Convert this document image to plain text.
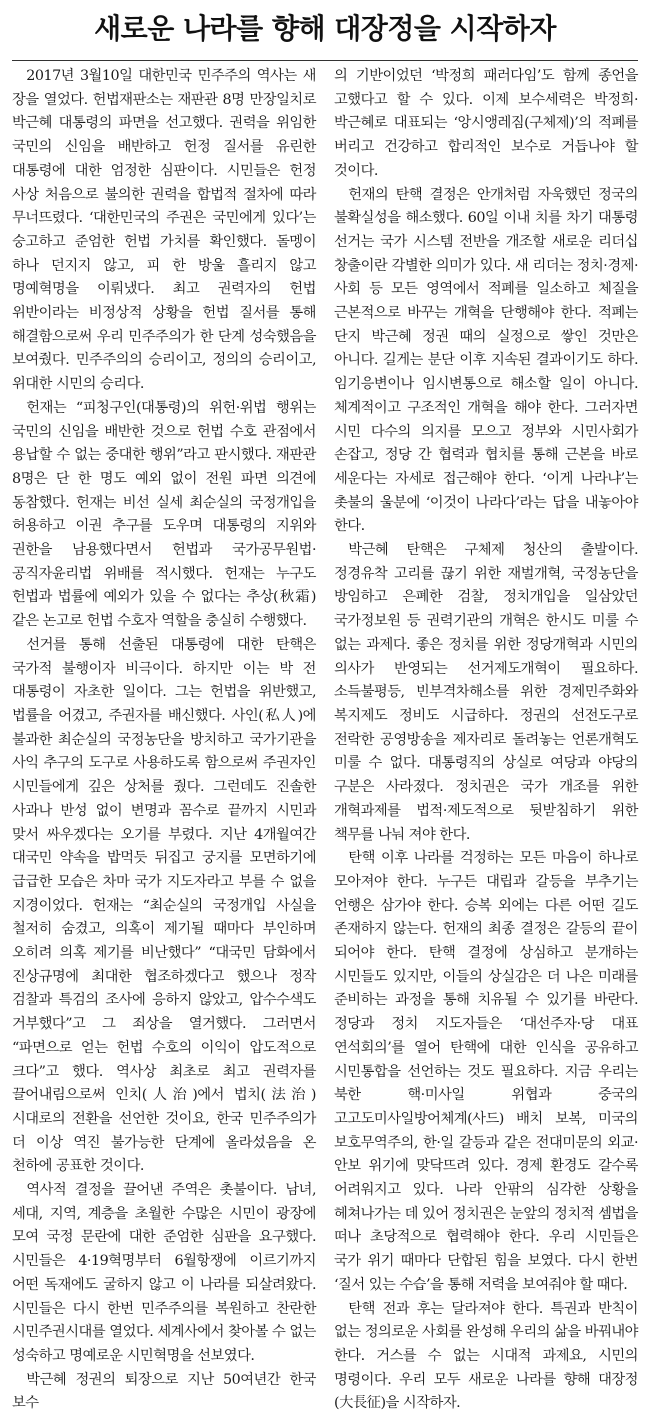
새로운 나라를 향해 대장정을 시작하자

2017년 3월10일 대한민국 민주주의 역사는 새 장을 열었다. 헌법재판소는 재판관 8명 만장일치로 박근혜 대통령의 파면을 선고했다. 권력을 위임한 국민의 신임을 배반하고 헌정 질서를 유린한 대통령에 대한 엄정한 심판이다. 시민들은 헌정 사상 처음으로 불의한 권력을 합법적 절차에 따라 무너뜨렸다. ‘대한민국의 주권은 국민에게 있다’는 숭고하고 준엄한 헌법 가치를 확인했다. 돌멩이 하나 던지지 않고, 피 한 방울 흘리지 않고 명예혁명을 이뤄냈다. 최고 권력자의 헌법 위반이라는 비정상적 상황을 헌법 질서를 통해 해결함으로써 우리 민주주의가 한 단계 성숙했음을 보여줬다. 민주주의의 승리이고, 정의의 승리이고, 위대한 시민의 승리다.

헌재는 “피청구인(대통령)의 위헌·위법 행위는 국민의 신임을 배반한 것으로 헌법 수호 관점에서 용납할 수 없는 중대한 행위”라고 판시했다. 재판관 8명은 단 한 명도 예외 없이 전원 파면 의견에 동참했다. 헌재는 비선 실세 최순실의 국정개입을 허용하고 이권 추구를 도우며 대통령의 지위와 권한을 남용했다면서 헌법과 국가공무원법·공직자윤리법 위배를 적시했다. 헌재는 누구도 헌법과 법률에 예외가 있을 수 없다는 추상(秋霜)같은 논고로 헌법 수호자 역할을 충실히 수행했다.

선거를 통해 선출된 대통령에 대한 탄핵은 국가적 불행이자 비극이다. 하지만 이는 박 전 대통령이 자초한 일이다. 그는 헌법을 위반했고, 법률을 어겼고, 주권자를 배신했다. 사인(私人)에 불과한 최순실의 국정농단을 방치하고 국가기관을 사익 추구의 도구로 사용하도록 함으로써 주권자인 시민들에게 깊은 상처를 줬다. 그런데도 진솔한 사과나 반성 없이 변명과 꼼수로 끝까지 시민과 맞서 싸우겠다는 오기를 부렸다. 지난 4개월여간 대국민 약속을 밥먹듯 뒤집고 궁지를 모면하기에 급급한 모습은 차마 국가 지도자라고 부를 수 없을 지경이었다. 헌재는 “최순실의 국정개입 사실을 철저히 숨겼고, 의혹이 제기될 때마다 부인하며 오히려 의혹 제기를 비난했다” “대국민 담화에서 진상규명에 최대한 협조하겠다고 했으나 정작 검찰과 특검의 조사에 응하지 않았고, 압수수색도 거부했다”고 그 죄상을 열거했다. 그러면서 “파면으로 얻는 헌법 수호의 이익이 압도적으로 크다”고 했다. 역사상 최초로 최고 권력자를 끌어내림으로써 인치(人治)에서 법치(法治)시대로의 전환을 선언한 것이요, 한국 민주주의가 더 이상 역진 불가능한 단계에 올라섰음을 온 천하에 공표한 것이다.

역사적 결정을 끌어낸 주역은 촛불이다. 남녀, 세대, 지역, 계층을 초월한 수많은 시민이 광장에 모여 국정 문란에 대한 준엄한 심판을 요구했다. 시민들은 4·19혁명부터 6월항쟁에 이르기까지 어떤 독재에도 굴하지 않고 이 나라를 되살려왔다. 시민들은 다시 한번 민주주의를 복원하고 찬란한 시민주권시대를 열었다. 세계사에서 찾아볼 수 없는 성숙하고 명예로운 시민혁명을 선보였다.

박근혜 정권의 퇴장으로 지난 50여년간 한국 보수

의 기반이었던 ‘박정희 패러다임’도 함께 종언을 고했다고 할 수 있다. 이제 보수세력은 박정희·박근혜로 대표되는 ‘앙시앵레짐(구체제)’의 적폐를 버리고 건강하고 합리적인 보수로 거듭나야 할 것이다.

헌재의 탄핵 결정은 안개처럼 자욱했던 정국의 불확실성을 해소했다. 60일 이내 치를 차기 대통령 선거는 국가 시스템 전반을 개조할 새로운 리더십 창출이란 각별한 의미가 있다. 새 리더는 정치·경제·사회 등 모든 영역에서 적폐를 일소하고 체질을 근본적으로 바꾸는 개혁을 단행해야 한다. 적폐는 단지 박근혜 정권 때의 실정으로 쌓인 것만은 아니다. 길게는 분단 이후 지속된 결과이기도 하다. 임기응변이나 임시변통으로 해소할 일이 아니다. 체계적이고 구조적인 개혁을 해야 한다. 그러자면 시민 다수의 의지를 모으고 정부와 시민사회가 손잡고, 정당 간 협력과 협치를 통해 근본을 바로 세운다는 자세로 접근해야 한다. ‘이게 나라냐’는 촛불의 울분에 ‘이것이 나라다’라는 답을 내놓아야 한다.

박근혜 탄핵은 구체제 청산의 출발이다. 정경유착 고리를 끊기 위한 재벌개혁, 국정농단을 방임하고 은폐한 검찰, 정치개입을 일삼았던 국가정보원 등 권력기관의 개혁은 한시도 미룰 수 없는 과제다. 좋은 정치를 위한 정당개혁과 시민의 의사가 반영되는 선거제도개혁이 필요하다. 소득불평등, 빈부격차해소를 위한 경제민주화와 복지제도 정비도 시급하다. 정권의 선전도구로 전락한 공영방송을 제자리로 돌려놓는 언론개혁도 미룰 수 없다. 대통령직의 상실로 여당과 야당의 구분은 사라졌다. 정치권은 국가 개조를 위한 개혁과제를 법적·제도적으로 뒷받침하기 위한 책무를 나눠 져야 한다.

탄핵 이후 나라를 걱정하는 모든 마음이 하나로 모아져야 한다. 누구든 대립과 갈등을 부추기는 언행은 삼가야 한다. 승복 외에는 다른 어떤 길도 존재하지 않는다. 헌재의 최종 결정은 갈등의 끝이 되어야 한다. 탄핵 결정에 상심하고 분개하는 시민들도 있지만, 이들의 상실감은 더 나은 미래를 준비하는 과정을 통해 치유될 수 있기를 바란다. 정당과 정치 지도자들은 ‘대선주자·당 대표 연석회의’를 열어 탄핵에 대한 인식을 공유하고 시민통합을 선언하는 것도 필요하다. 지금 우리는 북한 핵·미사일 위협과 중국의 고고도미사일방어체계(사드) 배치 보복, 미국의 보호무역주의, 한·일 갈등과 같은 전대미문의 외교·안보 위기에 맞닥뜨려 있다. 경제 환경도 갈수록 어려워지고 있다. 나라 안팎의 심각한 상황을 헤쳐나가는 데 있어 정치권은 눈앞의 정치적 셈법을 떠나 초당적으로 협력해야 한다. 우리 시민들은 국가 위기 때마다 단합된 힘을 보였다. 다시 한번 ‘질서 있는 수습’을 통해 저력을 보여줘야 할 때다.

탄핵 전과 후는 달라져야 한다. 특권과 반칙이 없는 정의로운 사회를 완성해 우리의 삶을 바꿔내야 한다. 거스를 수 없는 시대적 과제요, 시민의 명령이다. 우리 모두 새로운 나라를 향해 대장정(大長征)을 시작하자.
